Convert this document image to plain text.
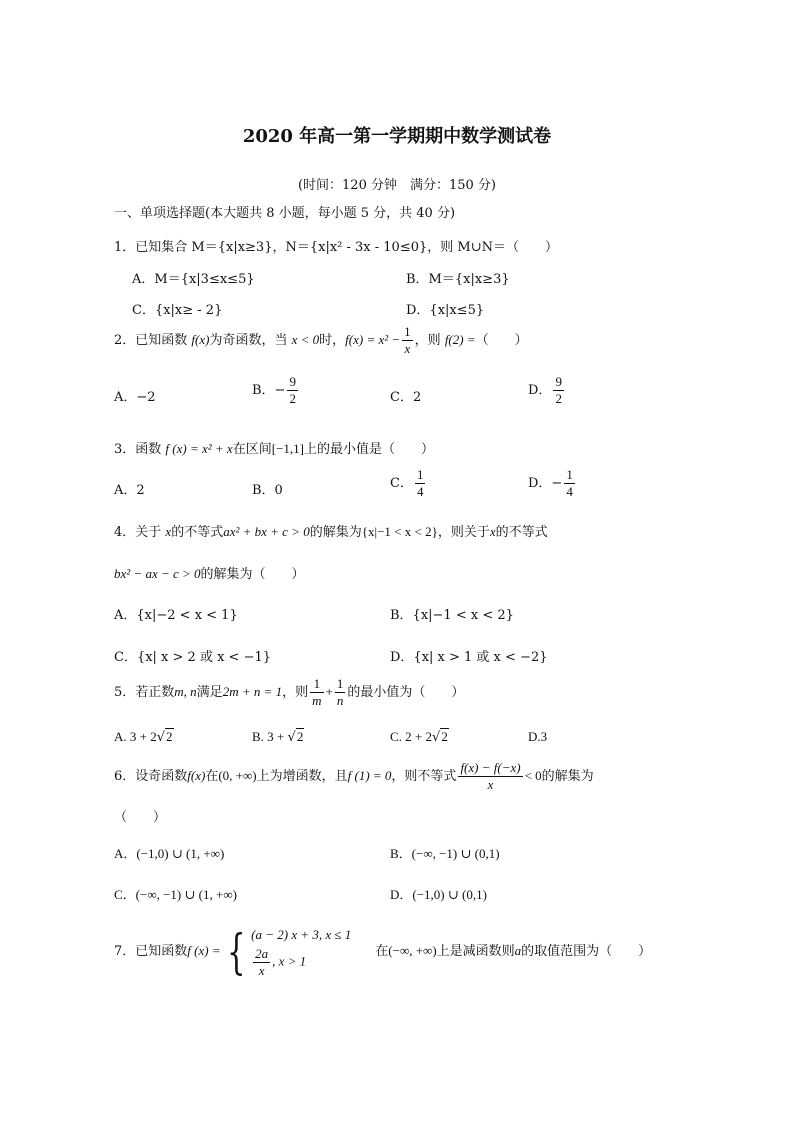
2020 年高一第一学期期中数学测试卷
(时间：120 分钟　满分：150 分)
一、单项选择题(本大题共 8 小题，每小题 5 分，共 40 分)
1．已知集合 M＝{x|x≥3}，N＝{x|x² - 3x - 10≤0}，则 M∪N＝（　　）
A．M＝{x|3≤x≤5}	B．M＝{x|x≥3}
C．{x|x≥ - 2}	D．{x|x≤5}
2．已知函数 f(x)为奇函数，当 x < 0时，$f(x) = x^2 - \frac{1}{x}$ ，则 f(2) =（　　）
A．−2	B．− $\frac{9}{2}$	C．2	D． $\frac{9}{2}$
3．函数 f (x) = x² + x在区间[−1,1]上的最小值是（　　）
A．2	B．0	C． $\frac{1}{4}$	D．− $\frac{1}{4}$
4．关于 x的不等式ax² + bx + c > 0的解集为{x|−1 < x < 2}，则关于x的不等式
bx² − ax − c > 0的解集为（　　）
A．{x|−2 < x < 1}	B．{x|−1 < x < 2}
C．{x| x > 2 或 x < −1}	D．{x| x > 1 或 x < −2}
5．若正数m, n满足2m + n = 1，则 $\frac{1}{m} + \frac{1}{n}$ 的最小值为（　　）
A. 3 + 2√2	B. 3 + √2	C. 2 + 2√2	D.3
6．设奇函数f(x)在(0, +∞)上为增函数，且f (1) = 0，则不等式 $\frac{f(x) - f(-x)}{x} < 0$的解集为
（　　）
A．(−1,0) ∪ (1, +∞)	B．(−∞, −1) ∪ (0,1)
C．(−∞, −1) ∪ (1, +∞)	D．(−1,0) ∪ (0,1)
7．已知函数f (x) = { (a − 2) x + 3, x ≤ 1
$\frac{2a}{x}$ , x > 1
在(−∞, +∞)上是减函数则a的取值范围为（　　）
